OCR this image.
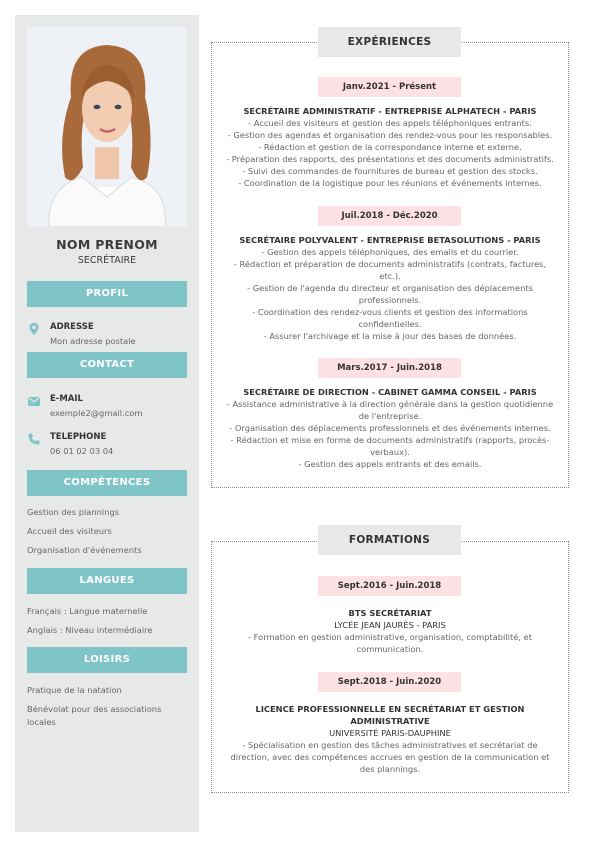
NOM PRENOM
SECRÉTAIRE
PROFIL
ADRESSE
Mon adresse postale
CONTACT
E-MAIL
exemple2@gmail.com
TELEPHONE
06 01 02 03 04
COMPÉTENCES
Gestion des plannings
Accueil des visiteurs
Organisation d'événements
LANGUES
Français : Langue maternelle
Anglais : Niveau intermédiaire
LOISIRS
Pratique de la natation
Bénévolat pour des associations
locales
EXPÉRIENCES
Janv.2021 - Présent
SECRÉTAIRE ADMINISTRATIF - ENTREPRISE ALPHATECH - PARIS
- Accueil des visiteurs et gestion des appels téléphoniques entrants.
- Gestion des agendas et organisation des rendez-vous pour les responsables.
- Rédaction et gestion de la correspondance interne et externe.
- Préparation des rapports, des présentations et des documents administratifs.
- Suivi des commandes de fournitures de bureau et gestion des stocks.
- Coordination de la logistique pour les réunions et événements internes.
Juil.2018 - Déc.2020
SECRÉTAIRE POLYVALENT - ENTREPRISE BETASOLUTIONS - PARIS
- Gestion des appels téléphoniques, des emails et du courrier.
- Rédaction et préparation de documents administratifs (contrats, factures,
etc.).
- Gestion de l'agenda du directeur et organisation des déplacements
professionnels.
- Coordination des rendez-vous clients et gestion des informations
confidentielles.
- Assurer l'archivage et la mise à jour des bases de données.
Mars.2017 - Juin.2018
SECRÉTAIRE DE DIRECTION - CABINET GAMMA CONSEIL - PARIS
- Assistance administrative à la direction générale dans la gestion quotidienne
de l'entreprise.
- Organisation des déplacements professionnels et des événements internes.
- Rédaction et mise en forme de documents administratifs (rapports, procès-
verbaux).
- Gestion des appels entrants et des emails.
FORMATIONS
Sept.2016 - Juin.2018
BTS SECRÉTARIAT
LYCÉE JEAN JAURÈS - PARIS
- Formation en gestion administrative, organisation, comptabilité, et
communication.
Sept.2018 - Juin.2020
LICENCE PROFESSIONNELLE EN SECRÉTARIAT ET GESTION
ADMINISTRATIVE
UNIVERSITÉ PARIS-DAUPHINE
- Spécialisation en gestion des tâches administratives et secrétariat de
direction, avec des compétences accrues en gestion de la communication et
des plannings.
